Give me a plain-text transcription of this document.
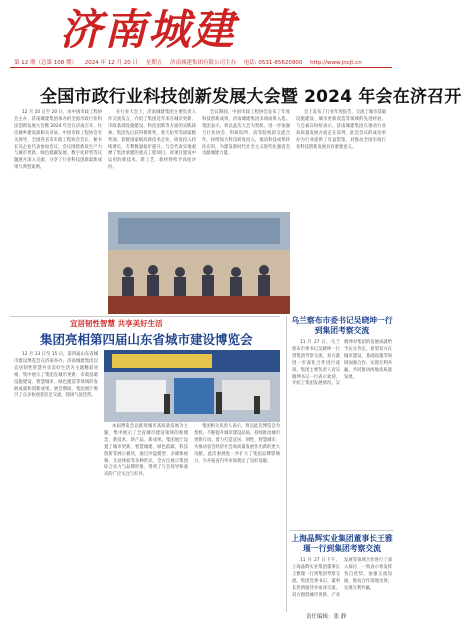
济南城建
第 12 期（总第 108 期） 2024 年 12 月 20 日 星期五 济南城建集团有限公司主办 电话: 0531-85620900 http://www.jncjt.cn
全国市政行业科技创新发展大会暨 2024 年会在济召开

12 月 10 日至 20 日，由中国市政工程协会主办、济南城建集团承办的全国市政行业科技创新发展大会暨 2024 年会在济南召开。住房城乡建设部相关司局、中国市政工程协会有关领导，全国各省市市政工程协会会长、秘书长及企业代表参加会议。会议围绕新质生产力与城市更新、绿色低碳发展、数字化转型等议题展开深入交流，分享了行业科技创新最新成果与典型案例。

在行业大会上，济南城建集团主要负责人作交流发言，介绍了集团近年来在城市更新、市政基础设施建设、科技创新等方面的实践探索。集团先后获得鲁班奖、詹天佑奖等国家级奖项，获批国家级高新技术企业，研发投入持续增长，专利数量稳步提升。与会代表实地观摩了集团承建的重点工程项目，对项目建设中运用的新技术、新工艺、新材料给予高度评价。

会议期间，中国市政工程协会发布了年度科技创新成果，济南城建集团多项成果入选。集团表示，将以此次大会为契机，进一步加强与行业协会、科研院所、高等院校的交流合作，持续加大科技研发投入，推动科技成果转化应用，为建设新时代社会主义现代化强省会贡献城建力量。

会上发布了行业年度报告，交流了城市基础设施建设、城市更新改造等领域的先进经验。与会嘉宾纷纷表示，济南城建集团在推动行业高质量发展方面走在前列，此次会议的成功举办为行业提供了有益借鉴，对推动全国市政行业科技创新发展具有重要意义。

宜居韧性智慧 共享美好生活
集团亮相第四届山东省城市建设博览会

12 月 13 日至 15 日，第四届山东省城市建设博览会在济南举办。济南城建集团以宜居韧性智慧共享美好生活为主题精彩亮相，集中展示了集团在城市更新、市政基础设施建设、智慧城市、绿色建造等领域的发展成就和创新成果。展会期间，集团展厅吸引了众多参观者驻足交流，现场气氛热烈。

本届博览会以推进城市高质量发展为主题，集中展示了全省城市建设领域的新理念、新技术、新产品、新成果。集团展厅设置了城市更新、智慧城建、绿色低碳、科技创新等展示板块，通过沙盘模型、多媒体视频、互动体验等多种形式，全方位展示集团综合实力与品牌形象，得到了与会领导和嘉宾的广泛关注与好评。

集团相关负责人表示，将以此次博览会为契机，不断提升城市建设品质，持续推动城市更新行动，着力打造宜居、韧性、智慧城市，为推动省会经济社会高质量发展作出新的更大贡献。此次参展进一步扩大了集团品牌影响力，为开拓省内外市场奠定了良好基础。

乌兰察布市委书记吴晓坤一行到集团考察交流

11 月 27 日，乌兰察布市委书记吴晓坤一行到集团考察交流，双方就进一步深化合作进行座谈。集团主要负责人对吴晓坤书记一行表示欢迎，介绍了集团发展情况。吴晓坤对集团的发展成就给予充分肯定，希望双方在城市建设、基础设施等领域加强合作，实现互利共赢，共同推动两地高质量发展。

上海晶辉实业集团董事长王雅瑾一行到集团考察交流

11 月 27 日下午，上海晶辉实业集团董事长王雅瑾一行到集团考察交流。集团党委书记、董事长热情接待并座谈交流。双方围绕城市更新、产业发展等领域合作进行了深入探讨，一致表示将发挥各自优势，加强交流沟通，推动合作落地见效，实现互利共赢。

责任编辑：张 静
